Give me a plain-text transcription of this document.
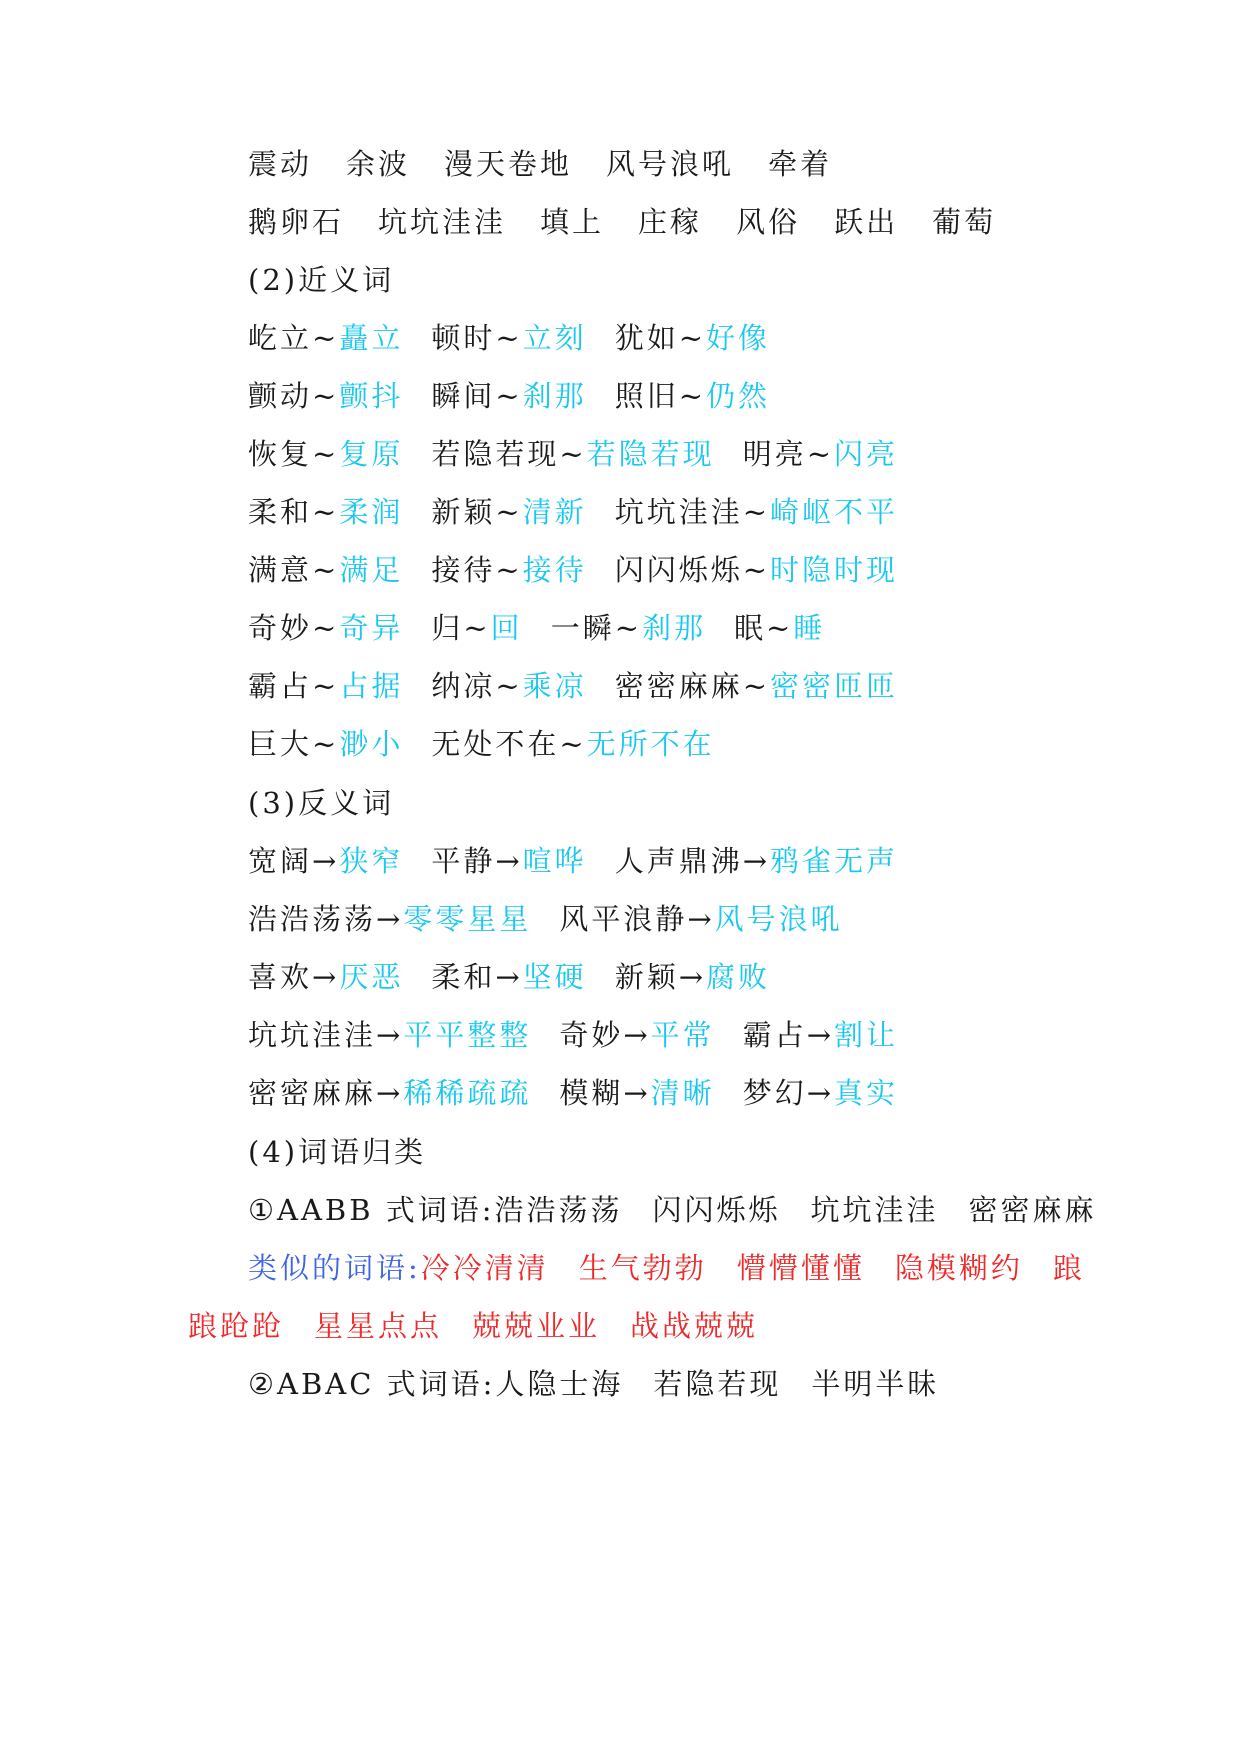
震动 余波 漫天卷地 风号浪吼 牵着
鹅卵石 坑坑洼洼 填上 庄稼 风俗 跃出 葡萄
(2)近义词
屹立~矗立 顿时~立刻 犹如~好像
颤动~颤抖 瞬间~刹那 照旧~仍然
恢复~复原 若隐若现~若隐若现 明亮~闪亮
柔和~柔润 新颖~清新 坑坑洼洼~崎岖不平
满意~满足 接待~接待 闪闪烁烁~时隐时现
奇妙~奇异 归~回 一瞬~刹那 眠~睡
霸占~占据 纳凉~乘凉 密密麻麻~密密匝匝
巨大~渺小 无处不在~无所不在
(3)反义词
宽阔→狭窄 平静→喧哗 人声鼎沸→鸦雀无声
浩浩荡荡→零零星星 风平浪静→风号浪吼
喜欢→厌恶 柔和→坚硬 新颖→腐败
坑坑洼洼→平平整整 奇妙→平常 霸占→割让
密密麻麻→稀稀疏疏 模糊→清晰 梦幻→真实
(4)词语归类
①AABB 式词语:浩浩荡荡 闪闪烁烁 坑坑洼洼 密密麻麻
类似的词语:冷冷清清 生气勃勃 懵懵懂懂 隐模糊约 踉
踉跄跄 星星点点 兢兢业业 战战兢兢
②ABAC 式词语:人隐士海 若隐若现 半明半昧
